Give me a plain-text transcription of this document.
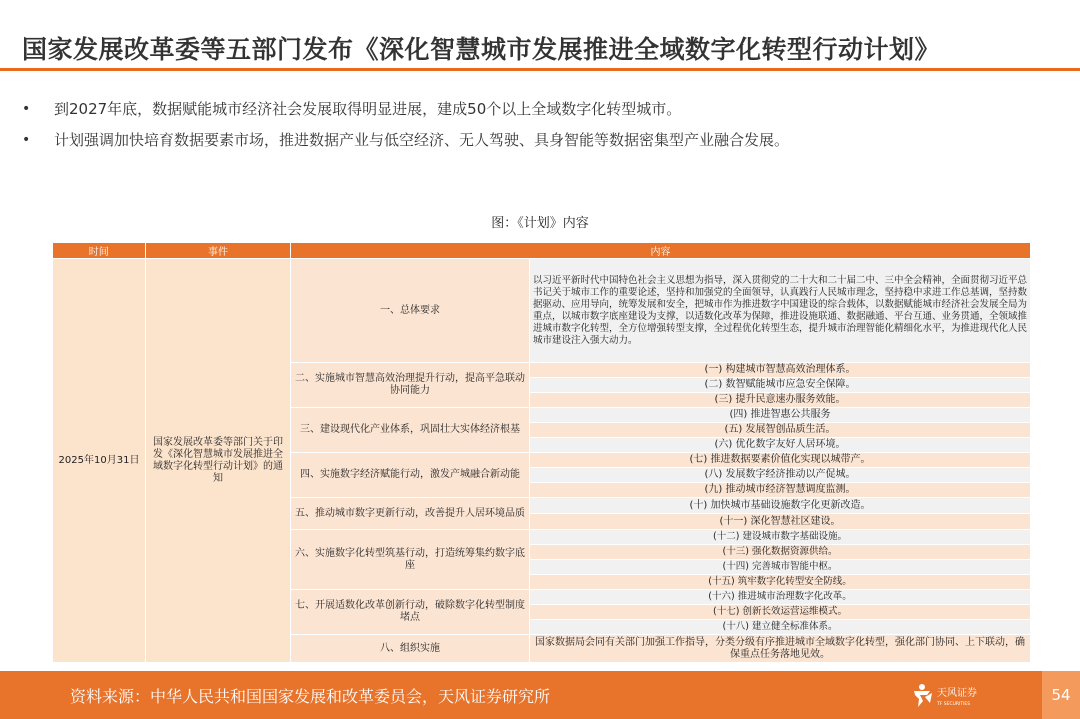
国家发展改革委等五部门发布《深化智慧城市发展推进全域数字化转型行动计划》
•	到2027年底，数据赋能城市经济社会发展取得明显进展，建成50个以上全域数字化转型城市。
•	计划强调加快培育数据要素市场，推进数据产业与低空经济、无人驾驶、具身智能等数据密集型产业融合发展。
图：《计划》内容
时间	事件	内容	
2025年10月31日	国家发展改革委等部门关于印发《深化智慧城市发展推进全域数字化转型行动计划》的通知	一、总体要求	以习近平新时代中国特色社会主义思想为指导，深入贯彻党的二十大和二十届二中、三中全会精神，全面贯彻习近平总书记关于城市工作的重要论述，坚持和加强党的全面领导，认真践行人民城市理念，坚持稳中求进工作总基调，坚持数据驱动、应用导向，统筹发展和安全，把城市作为推进数字中国建设的综合载体，以数据赋能城市经济社会发展全局为重点，以城市数字底座建设为支撑，以适数化改革为保障，推进设施联通、数据融通、平台互通、业务贯通，全领域推进城市数字化转型，全方位增强转型支撑，全过程优化转型生态，提升城市治理智能化精细化水平，为推进现代化人民城市建设注入强大动力。
		二、实施城市智慧高效治理提升行动，提高平急联动协同能力	(一) 构建城市智慧高效治理体系。
			(二) 数智赋能城市应急安全保障。
			(三) 提升民意速办服务效能。
		三、建设现代化产业体系，巩固壮大实体经济根基	(四) 推进智惠公共服务
			(五) 发展智创品质生活。
			(六) 优化数字友好人居环境。
		四、实施数字经济赋能行动，激发产城融合新动能	(七) 推进数据要素价值化实现以城带产。
			(八) 发展数字经济推动以产促城。
			(九) 推动城市经济智慧调度监测。
		五、推动城市数字更新行动，改善提升人居环境品质	(十) 加快城市基础设施数字化更新改造。
			(十一) 深化智慧社区建设。
		六、实施数字化转型筑基行动，打造统筹集约数字底座	(十二) 建设城市数字基础设施。
			(十三) 强化数据资源供给。
			(十四) 完善城市智能中枢。
			(十五) 筑牢数字化转型安全防线。
		七、开展适数化改革创新行动，破除数字化转型制度堵点	(十六) 推进城市治理数字化改革。
			(十七) 创新长效运营运维模式。
			(十八) 建立健全标准体系。
		八、组织实施	国家数据局会同有关部门加强工作指导，分类分级有序推进城市全域数字化转型，强化部门协同、上下联动，确保重点任务落地见效。
资料来源：中华人民共和国国家发展和改革委员会，天风证券研究所	天风证券
TF SECURITIES
54
